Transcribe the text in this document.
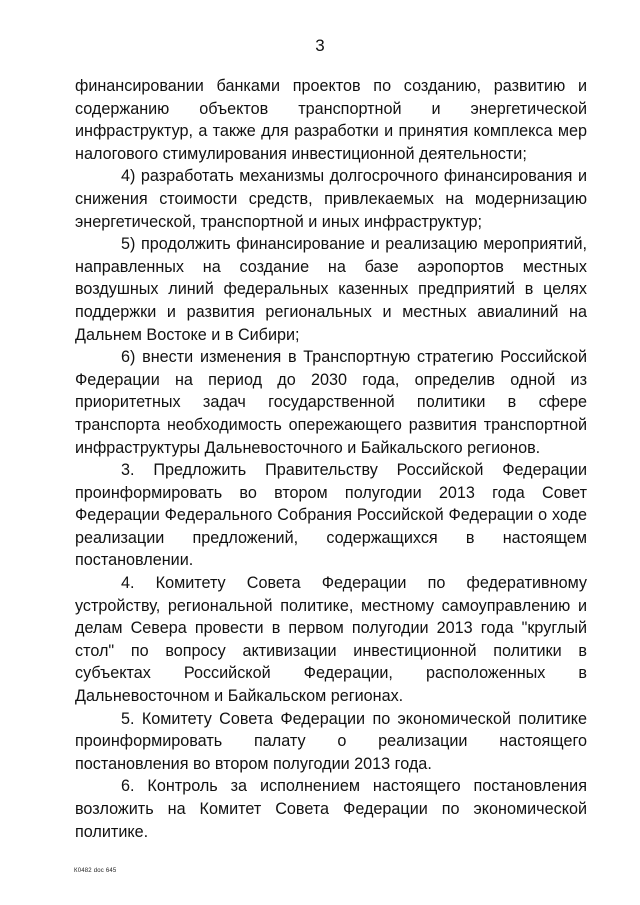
3

финансировании банками проектов по созданию, развитию и содержанию объектов транспортной и энергетической инфраструктур, а также для разработки и принятия комплекса мер налогового стимулирования инвестиционной деятельности;

4) разработать механизмы долгосрочного финансирования и снижения стоимости средств, привлекаемых на модернизацию энергетической, транспортной и иных инфраструктур;

5) продолжить финансирование и реализацию мероприятий, направленных на создание на базе аэропортов местных воздушных линий федеральных казенных предприятий в целях поддержки и развития региональных и местных авиалиний на Дальнем Востоке и в Сибири;

6) внести изменения в Транспортную стратегию Российской Федерации на период до 2030 года, определив одной из приоритетных задач государственной политики в сфере транспорта необходимость опережающего развития транспортной инфраструктуры Дальневосточного и Байкальского регионов.

3. Предложить Правительству Российской Федерации проинформировать во втором полугодии 2013 года Совет Федерации Федерального Собрания Российской Федерации о ходе реализации предложений, содержащихся в настоящем постановлении.

4. Комитету Совета Федерации по федеративному устройству, региональной политике, местному самоуправлению и делам Севера провести в первом полугодии 2013 года "круглый стол" по вопросу активизации инвестиционной политики в субъектах Российской Федерации, расположенных в Дальневосточном и Байкальском регионах.

5. Комитету Совета Федерации по экономической политике проинформировать палату о реализации настоящего постановления во втором полугодии 2013 года.

6. Контроль за исполнением настоящего постановления возложить на Комитет Совета Федерации по экономической политике.

К0482 doc 645
